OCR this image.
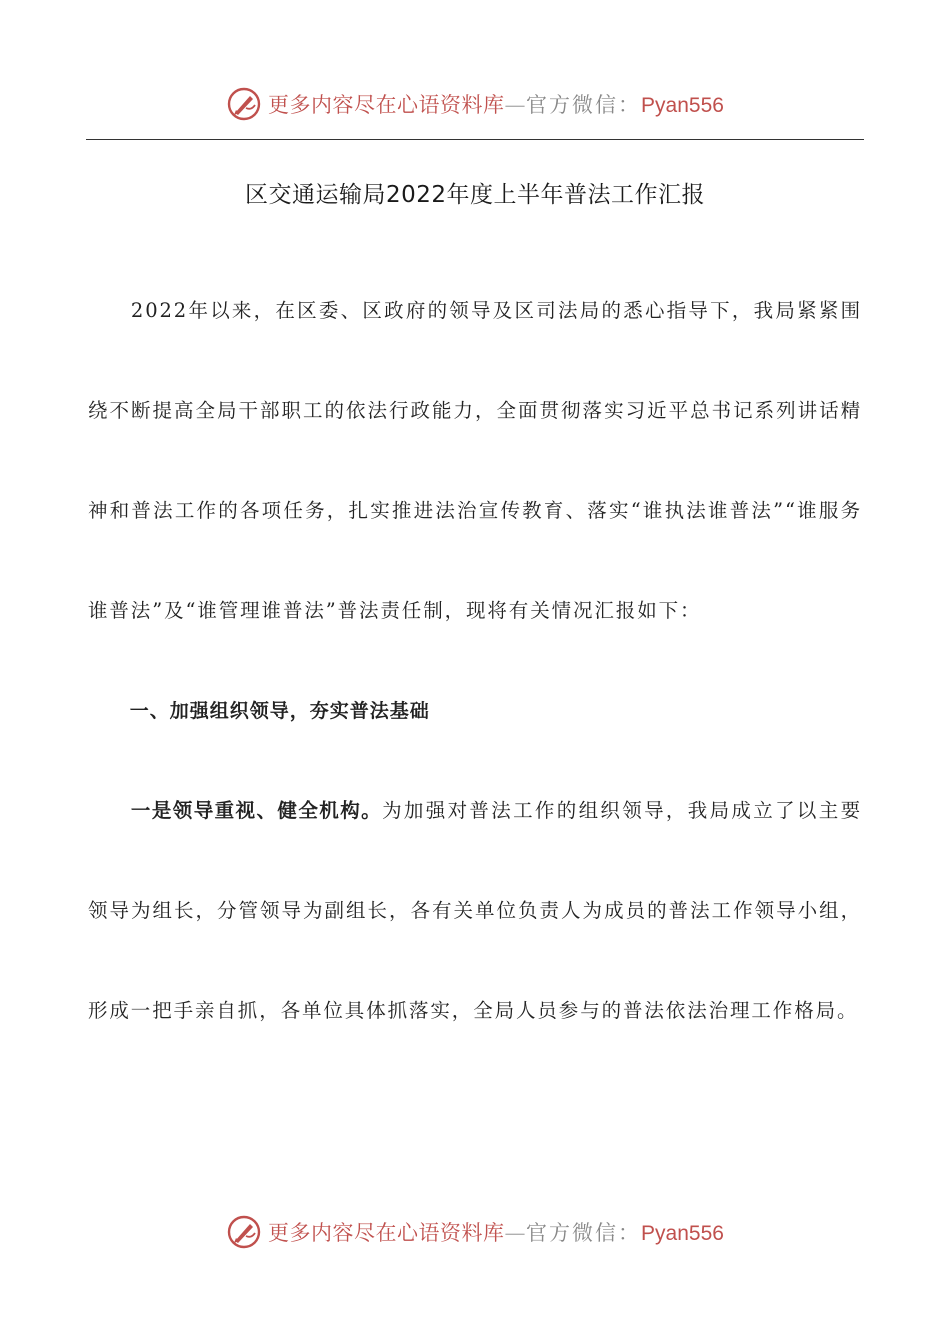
更多内容尽在心语资料库—官方微信：Pyan556
区交通运输局2022年度上半年普法工作汇报

2022年以来，在区委、区政府的领导及区司法局的悉心指导下，我局紧紧围绕不断提高全局干部职工的依法行政能力，全面贯彻落实习近平总书记系列讲话精神和普法工作的各项任务，扎实推进法治宣传教育、落实“谁执法谁普法”“谁服务谁普法”及“谁管理谁普法”普法责任制，现将有关情况汇报如下：

一、加强组织领导，夯实普法基础

一是领导重视、健全机构。为加强对普法工作的组织领导，我局成立了以主要领导为组长，分管领导为副组长，各有关单位负责人为成员的普法工作领导小组，形成一把手亲自抓，各单位具体抓落实，全局人员参与的普法依法治理工作格局。

更多内容尽在心语资料库—官方微信：Pyan556
